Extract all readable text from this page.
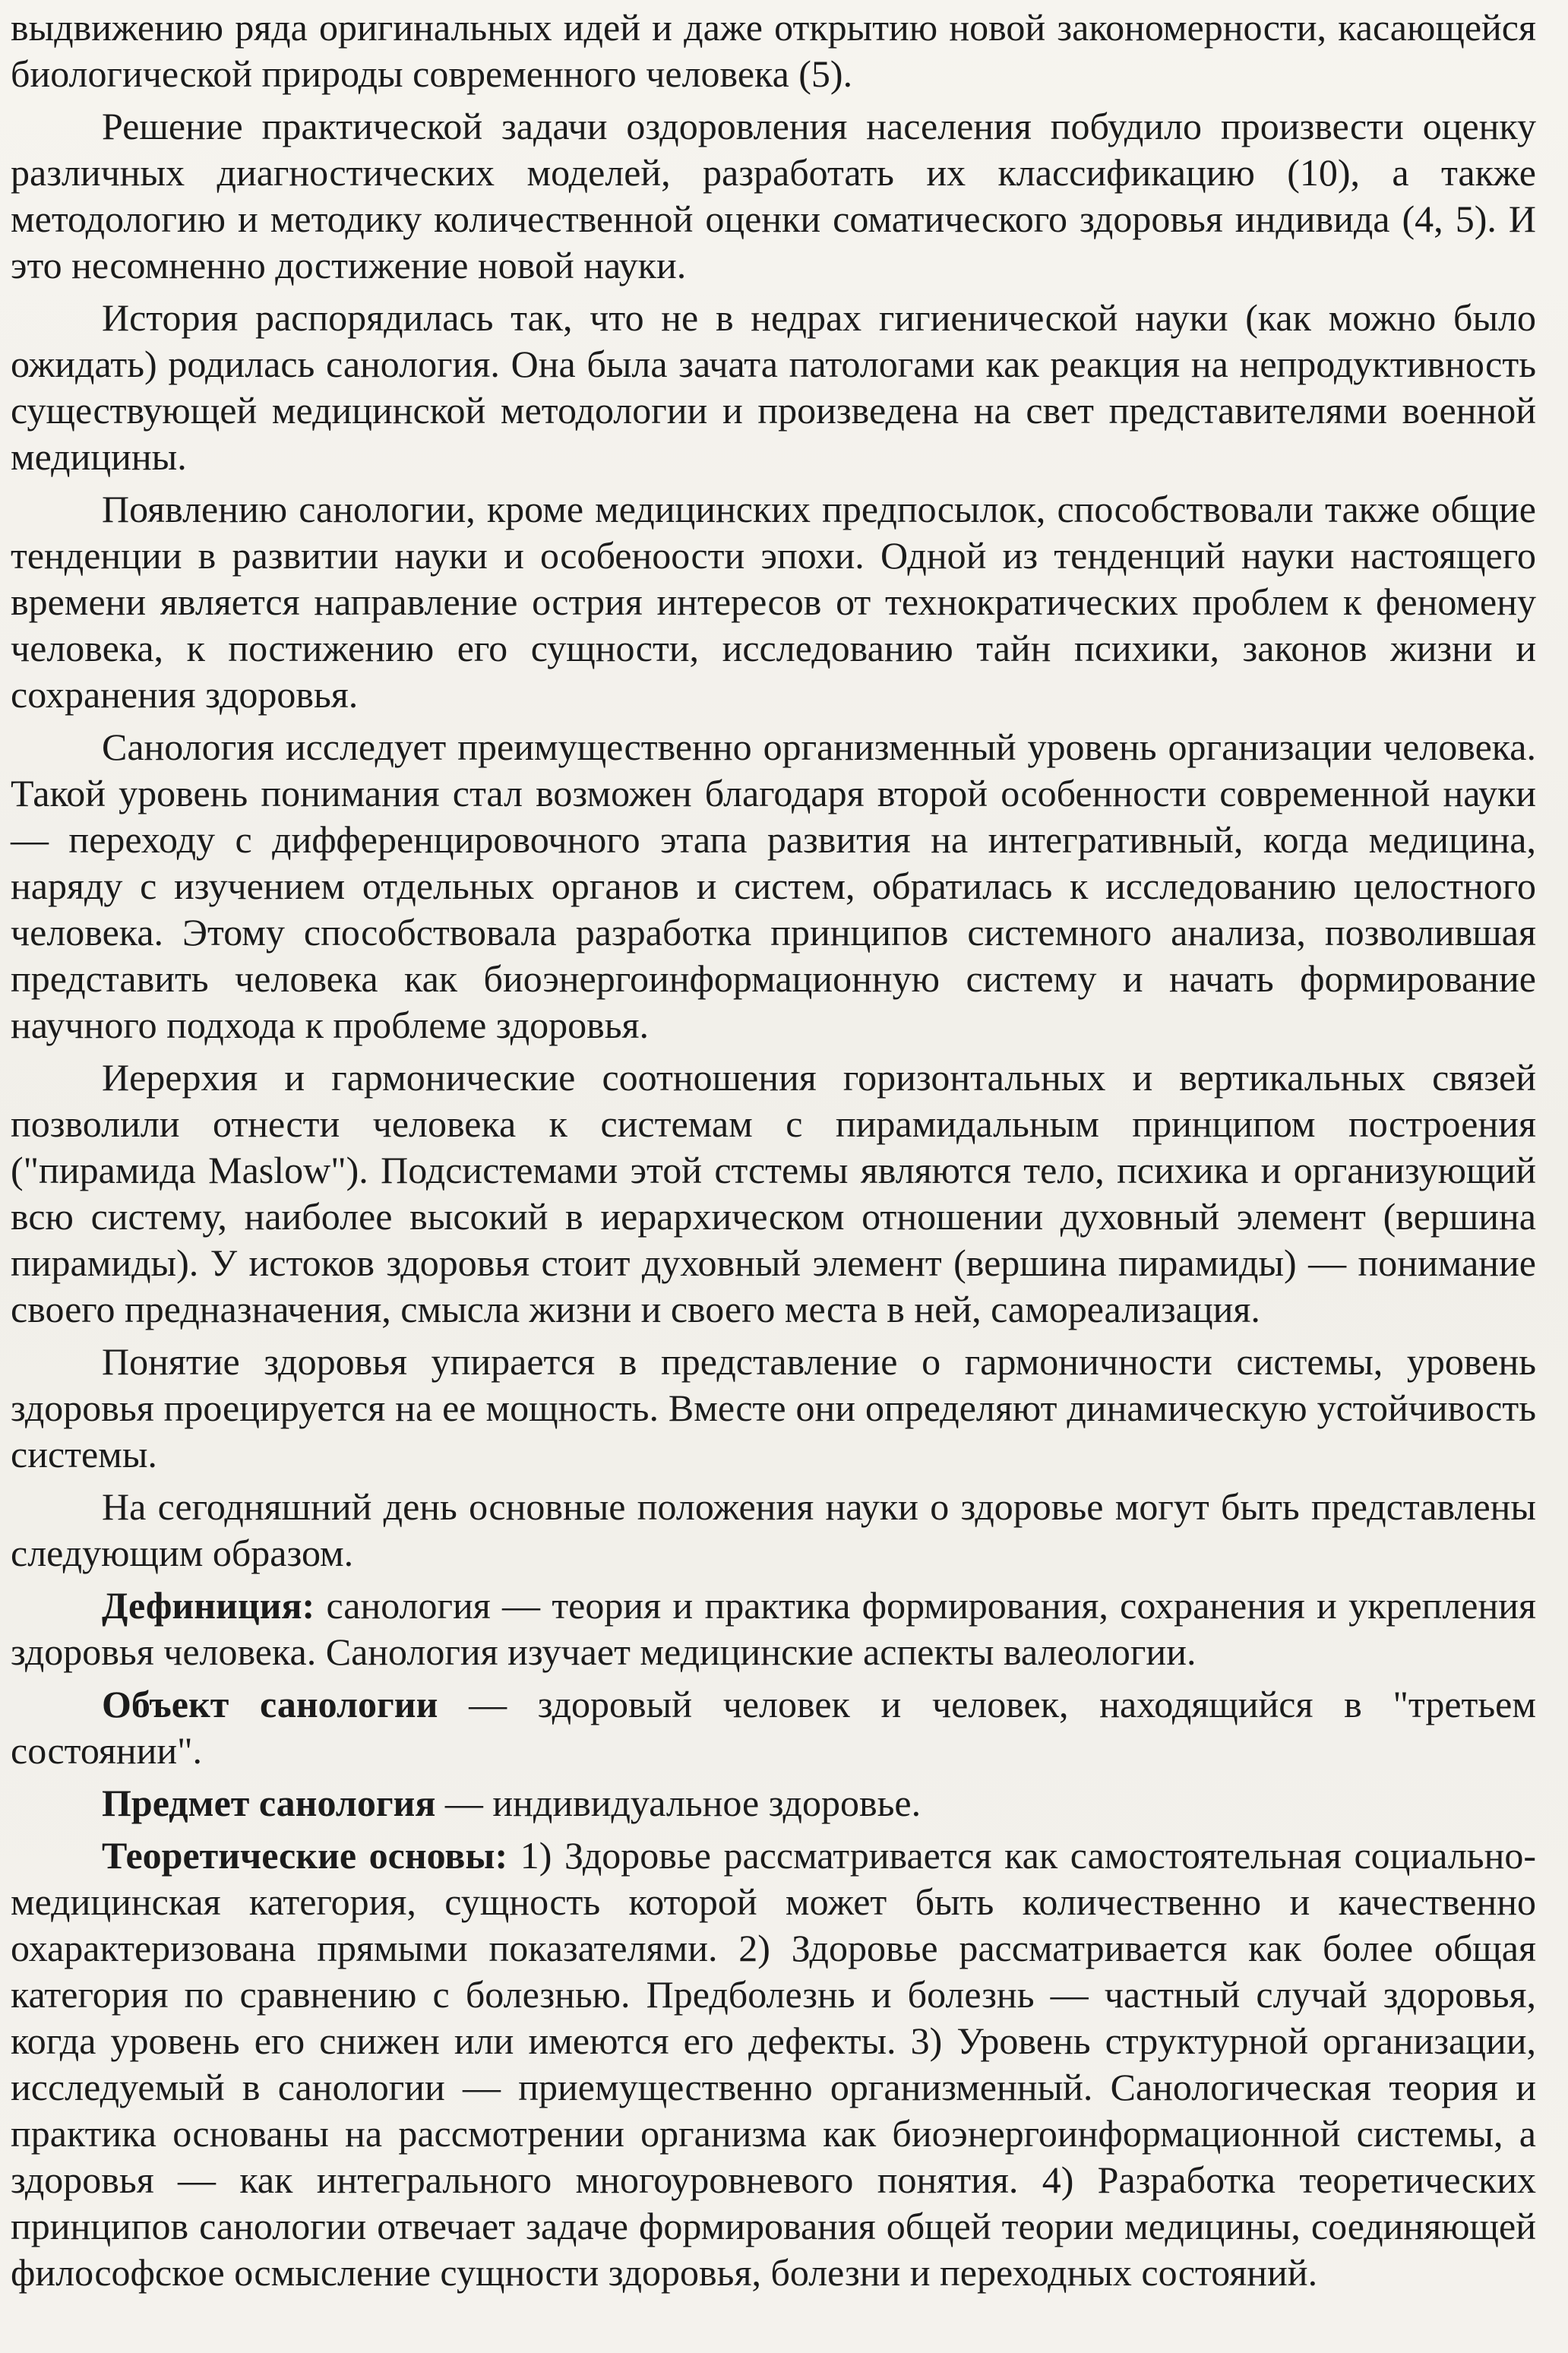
выдвижению ряда оригинальных идей и даже открытию новой закономерности, касающейся биологической природы современного человека (5).

Решение практической задачи оздоровления населения побудило произвести оценку различных диагностических моделей, разработать их классификацию (10), а также методологию и методику количественной оценки соматического здоровья индивида (4, 5). И это несомненно достижение новой науки.

История распорядилась так, что не в недрах гигиенической науки (как можно было ожидать) родилась санология. Она была зачата патологами как реакция на непродуктивность существующей медицинской методологии и произведена на свет представителями военной медицины.

Появлению санологии, кроме медицинских предпосылок, способствовали также общие тенденции в развитии науки и особеноости эпохи. Одной из тенденций науки настоящего времени является направление острия интересов от технократических проблем к феномену человека, к постижению его сущности, исследованию тайн психики, законов жизни и сохранения здоровья.

Санология исследует преимущественно организменный уровень организации человека. Такой уровень понимания стал возможен благодаря второй особенности современной науки — переходу с дифференцировочного этапа развития на интегративный, когда медицина, наряду с изучением отдельных органов и систем, обратилась к исследованию целостного человека. Этому способствовала разработка принципов системного анализа, позволившая представить человека как биоэнергоинформационную систему и начать формирование научного подхода к проблеме здоровья.

Иерерхия и гармонические соотношения горизонтальных и вертикальных связей позволили отнести человека к системам с пирамидальным принципом построения ("пирамида Maslow"). Подсистемами этой стстемы являются тело, психика и организующий всю систему, наиболее высокий в иерархическом отношении духовный элемент (вершина пирамиды). У истоков здоровья стоит духовный элемент (вершина пирамиды) — понимание своего предназначения, смысла жизни и своего места в ней, самореализация.

Понятие здоровья упирается в представление о гармоничности системы, уровень здоровья проецируется на ее мощность. Вместе они определяют динамическую устойчивость системы.

На сегодняшний день основные положения науки о здоровье могут быть представлены следующим образом.

Дефиниция: санология — теория и практика формирования, сохранения и укрепления здоровья человека. Санология изучает медицинские аспекты валеологии.

Объект санологии — здоровый человек и человек, находящийся в "третьем состоянии".

Предмет санология — индивидуальное здоровье.

Теоретические основы: 1) Здоровье рассматривается как самостоятельная социально-медицинская категория, сущность которой может быть количественно и качественно охарактеризована прямыми показателями. 2) Здоровье рассматривается как более общая категория по сравнению с болезнью. Предболезнь и болезнь — частный случай здоровья, когда уровень его снижен или имеются его дефекты. 3) Уровень структурной организации, исследуемый в санологии — приемущественно организменный. Санологическая теория и практика основаны на рассмотрении организма как биоэнергоинформационной системы, а здоровья — как интегрального многоуровневого понятия. 4) Разработка теоретических принципов санологии отвечает задаче формирования общей теории медицины, соединяющей философское осмысление сущности здоровья, болезни и переходных состояний.
